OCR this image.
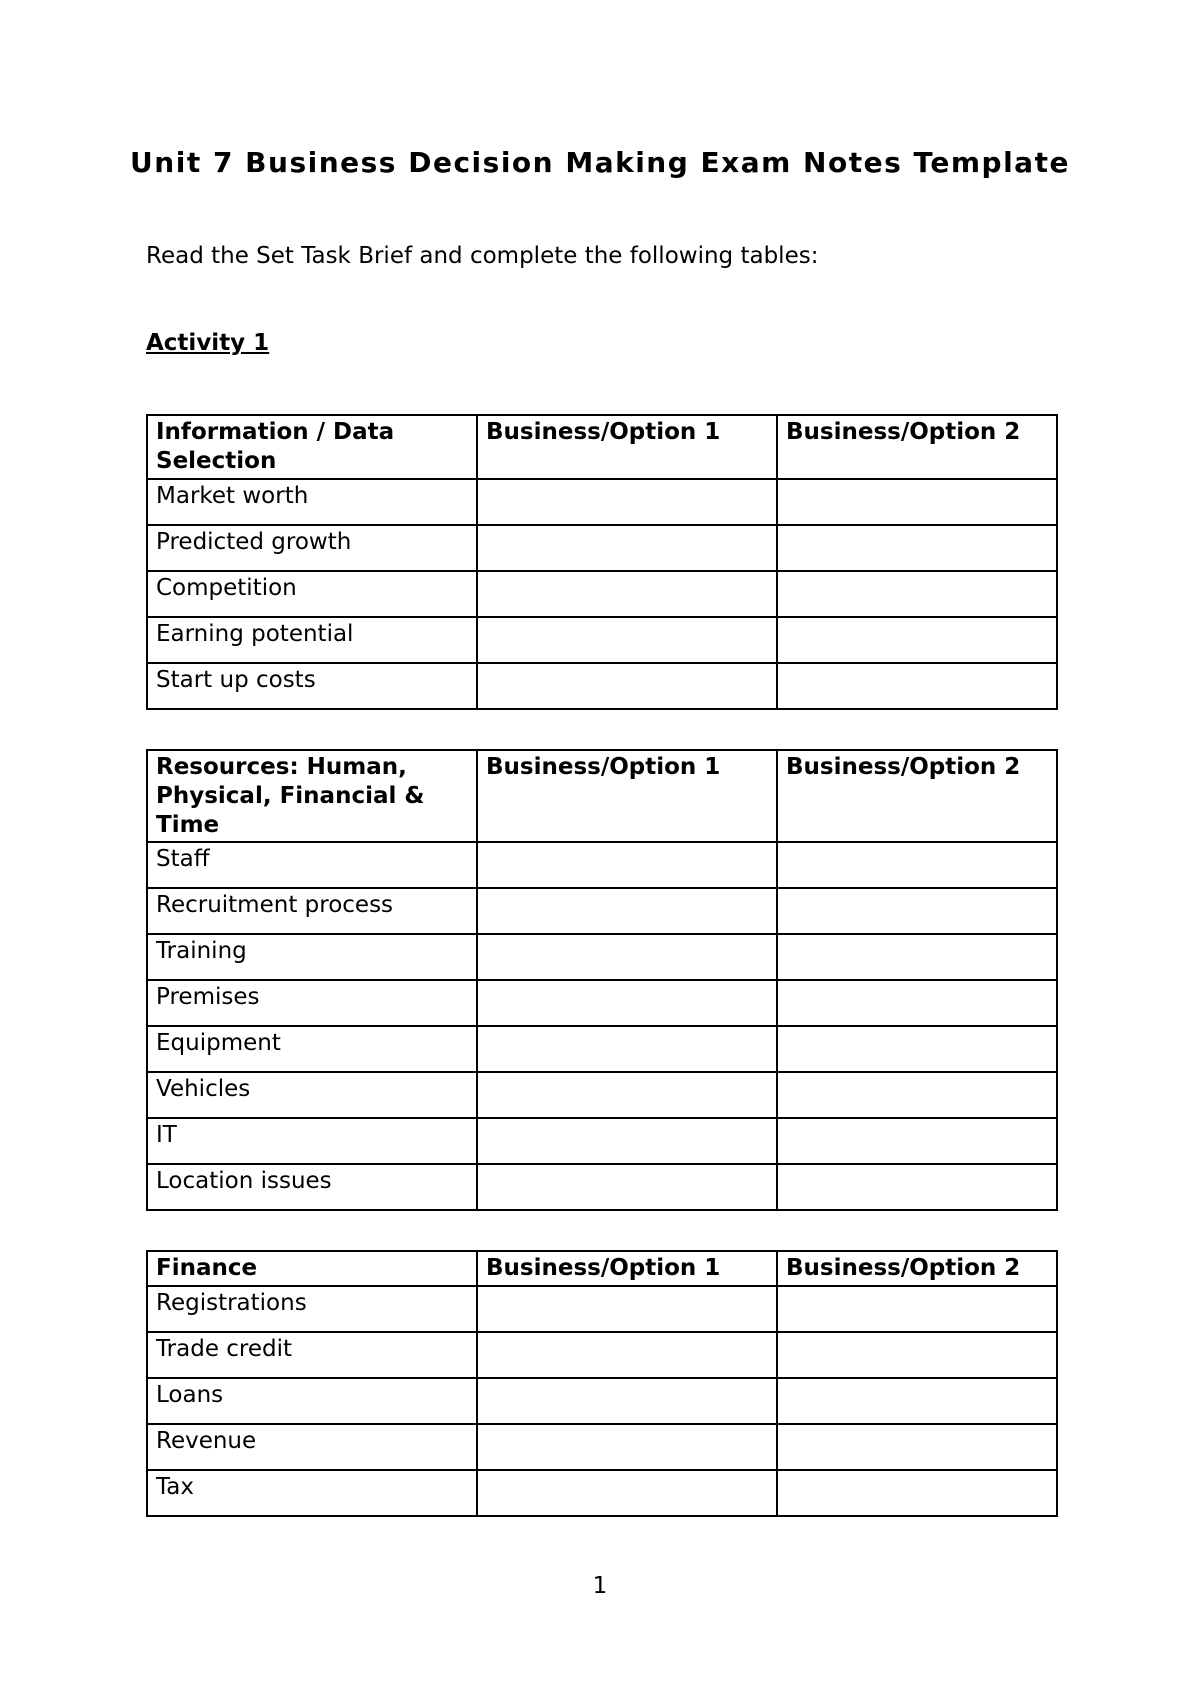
Unit 7 Business Decision Making Exam Notes Template

Read the Set Task Brief and complete the following tables:

Activity 1

Information / Data Selection	Business/Option 1	Business/Option 2
Market worth		
Predicted growth		
Competition		
Earning potential		
Start up costs		
Resources: Human, Physical, Financial & Time	Business/Option 1	Business/Option 2
Staff		
Recruitment process		
Training		
Premises		
Equipment		
Vehicles		
IT		
Location issues		
Finance	Business/Option 1	Business/Option 2
Registrations		
Trade credit		
Loans		
Revenue		
Tax		

1
